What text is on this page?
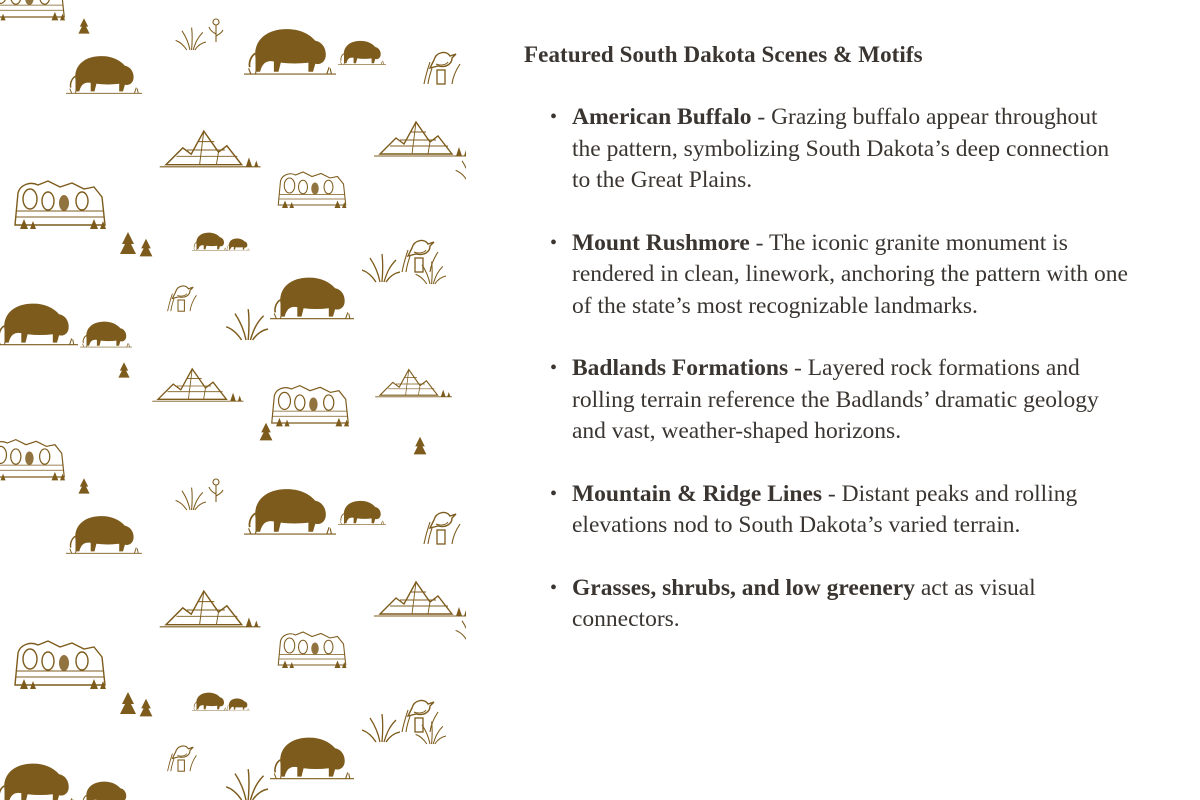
Featured South Dakota Scenes & Motifs
• American Buffalo - Grazing buffalo appear throughout the pattern, symbolizing South Dakota’s deep connection to the Great Plains.
• Mount Rushmore - The iconic granite monument is rendered in clean, linework, anchoring the pattern with one of the state’s most recognizable landmarks.
• Badlands Formations - Layered rock formations and rolling terrain reference the Badlands’ dramatic geology and vast, weather-shaped horizons.
• Mountain & Ridge Lines - Distant peaks and rolling elevations nod to South Dakota’s varied terrain.
• Grasses, shrubs, and low greenery act as visual connectors.
